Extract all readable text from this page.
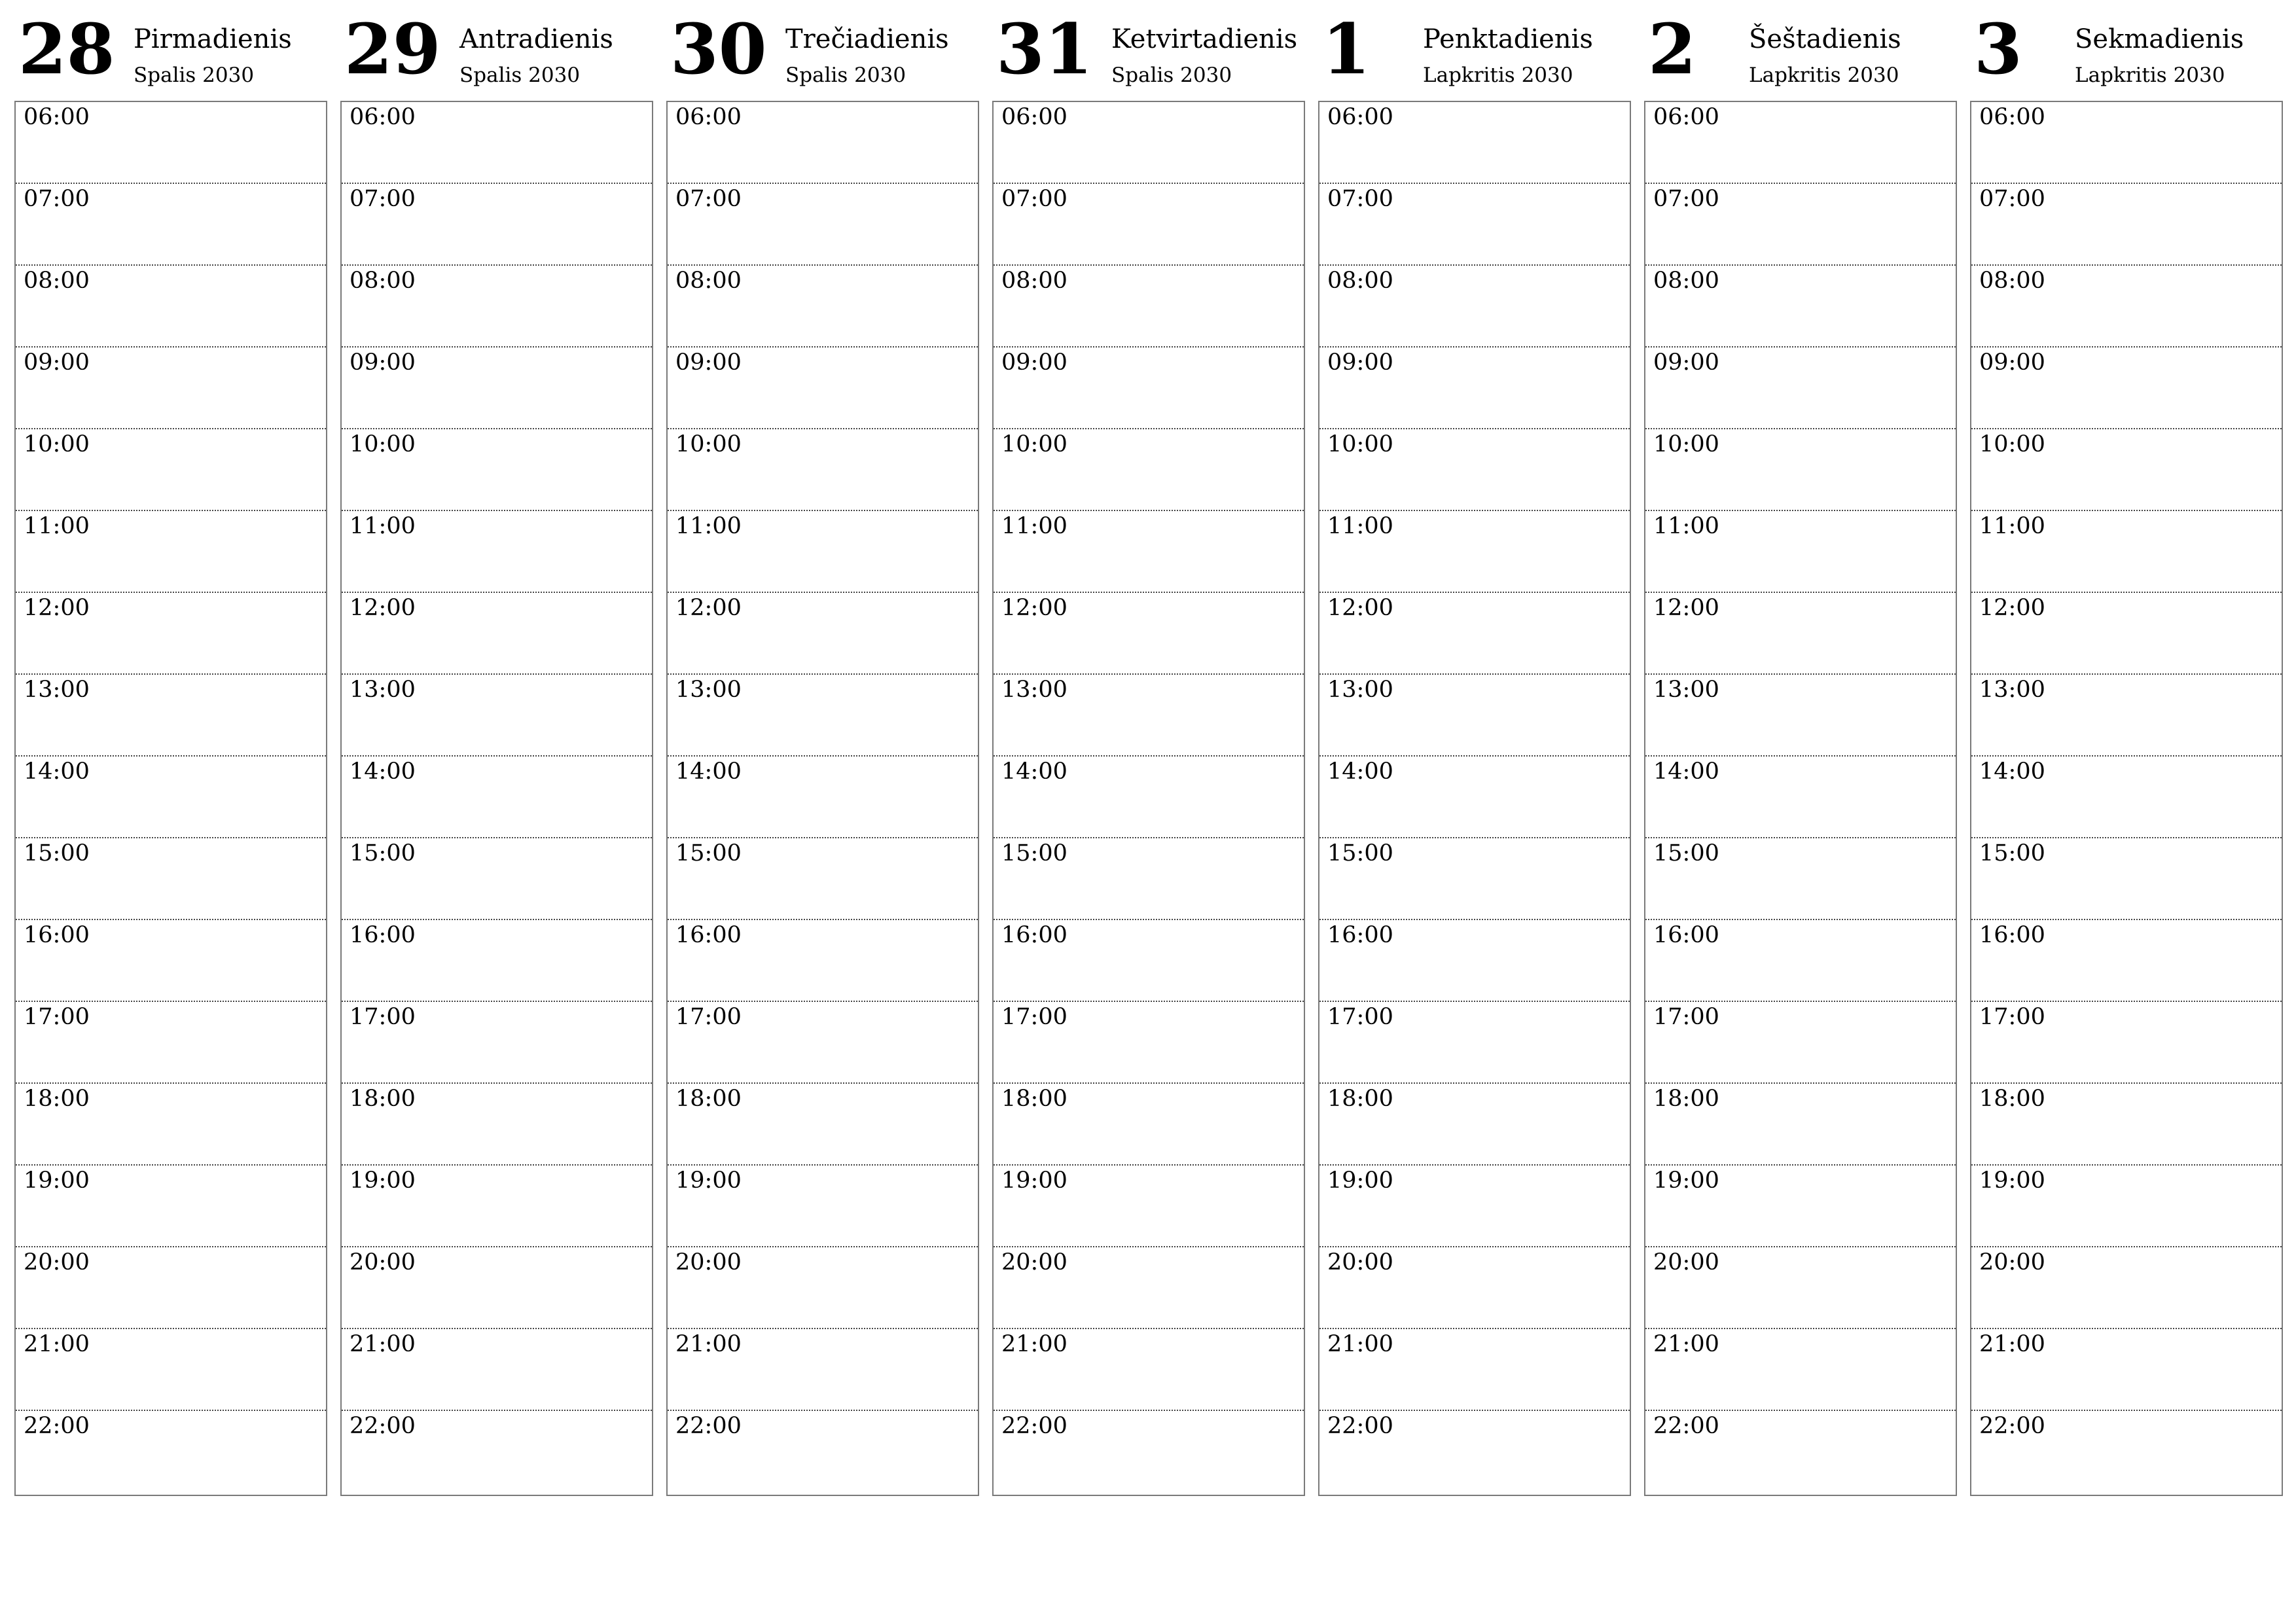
28 Pirmadienis
Spalis 2030
06:00
07:00
08:00
09:00
10:00
11:00
12:00
13:00
14:00
15:00
16:00
17:00
18:00
19:00
20:00
21:00
22:00
29 Antradienis
Spalis 2030
06:00
07:00
08:00
09:00
10:00
11:00
12:00
13:00
14:00
15:00
16:00
17:00
18:00
19:00
20:00
21:00
22:00
30 Trečiadienis
Spalis 2030
06:00
07:00
08:00
09:00
10:00
11:00
12:00
13:00
14:00
15:00
16:00
17:00
18:00
19:00
20:00
21:00
22:00
31 Ketvirtadienis
Spalis 2030
06:00
07:00
08:00
09:00
10:00
11:00
12:00
13:00
14:00
15:00
16:00
17:00
18:00
19:00
20:00
21:00
22:00
1 Penktadienis
Lapkritis 2030
06:00
07:00
08:00
09:00
10:00
11:00
12:00
13:00
14:00
15:00
16:00
17:00
18:00
19:00
20:00
21:00
22:00
2 Šeštadienis
Lapkritis 2030
06:00
07:00
08:00
09:00
10:00
11:00
12:00
13:00
14:00
15:00
16:00
17:00
18:00
19:00
20:00
21:00
22:00
3 Sekmadienis
Lapkritis 2030
06:00
07:00
08:00
09:00
10:00
11:00
12:00
13:00
14:00
15:00
16:00
17:00
18:00
19:00
20:00
21:00
22:00
